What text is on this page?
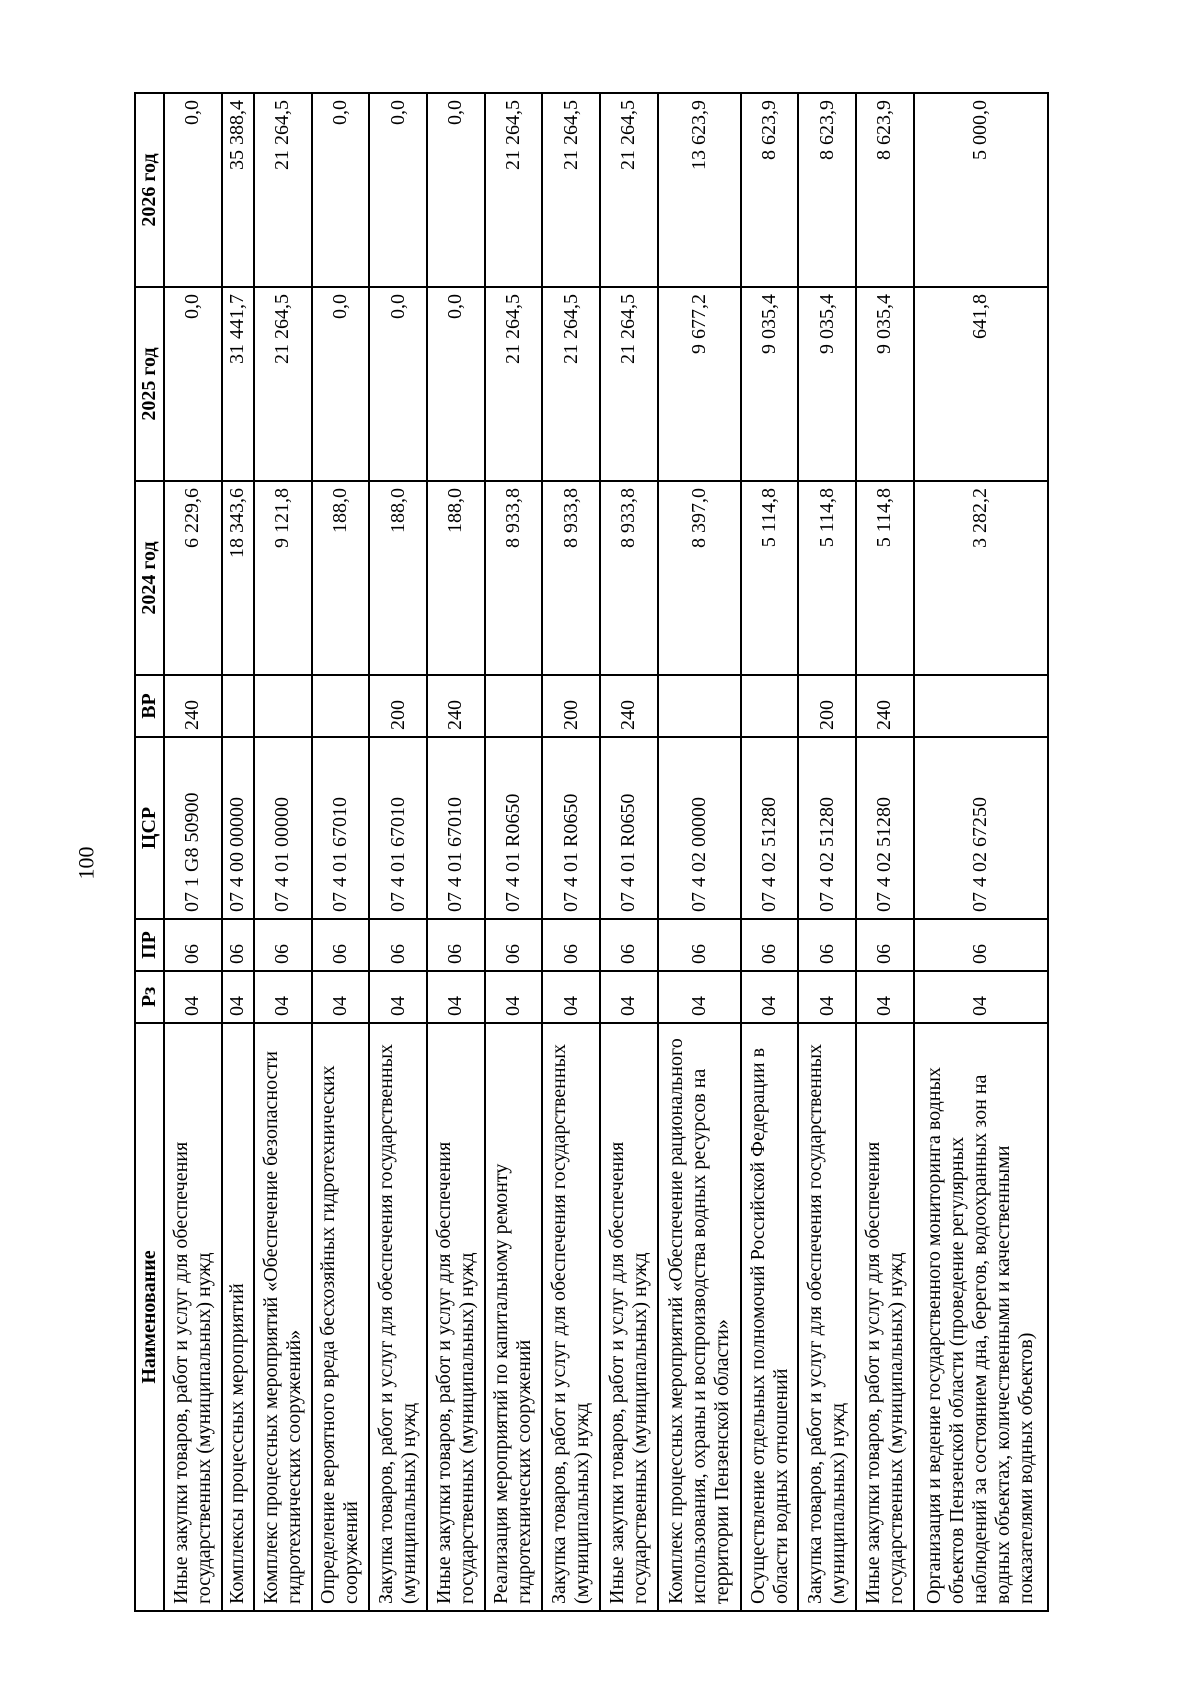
100
Наименование	Рз	ПР	ЦСР	ВР	2024 год	2025 год	2026 год
Иные закупки товаров, работ и услуг для обеспечения государственных (муниципальных) нужд	04	06	07 1 G8 50900	240	6 229,6	0,0	0,0
Комплексы процессных мероприятий	04	06	07 4 00 00000		18 343,6	31 441,7	35 388,4
Комплекс процессных мероприятий «Обеспечение безопасности гидротехнических сооружений»	04	06	07 4 01 00000		9 121,8	21 264,5	21 264,5
Определение вероятного вреда бесхозяйных гидротехнических сооружений	04	06	07 4 01 67010		188,0	0,0	0,0
Закупка товаров, работ и услуг для обеспечения государственных (муниципальных) нужд	04	06	07 4 01 67010	200	188,0	0,0	0,0
Иные закупки товаров, работ и услуг для обеспечения государственных (муниципальных) нужд	04	06	07 4 01 67010	240	188,0	0,0	0,0
Реализация мероприятий по капитальному ремонту гидротехнических сооружений	04	06	07 4 01 R0650		8 933,8	21 264,5	21 264,5
Закупка товаров, работ и услуг для обеспечения государственных (муниципальных) нужд	04	06	07 4 01 R0650	200	8 933,8	21 264,5	21 264,5
Иные закупки товаров, работ и услуг для обеспечения государственных (муниципальных) нужд	04	06	07 4 01 R0650	240	8 933,8	21 264,5	21 264,5
Комплекс процессных мероприятий «Обеспечение рационального использования, охраны и воспроизводства водных ресурсов на территории Пензенской области»	04	06	07 4 02 00000		8 397,0	9 677,2	13 623,9
Осуществление отдельных полномочий Российской Федерации в области водных отношений	04	06	07 4 02 51280		5 114,8	9 035,4	8 623,9
Закупка товаров, работ и услуг для обеспечения государственных (муниципальных) нужд	04	06	07 4 02 51280	200	5 114,8	9 035,4	8 623,9
Иные закупки товаров, работ и услуг для обеспечения государственных (муниципальных) нужд	04	06	07 4 02 51280	240	5 114,8	9 035,4	8 623,9
Организация и ведение государственного мониторинга водных объектов Пензенской области (проведение регулярных наблюдений за состоянием дна, берегов, водоохранных зон на водных объектах, количественными и качественными показателями водных объектов)	04	06	07 4 02 67250		3 282,2	641,8	5 000,0
